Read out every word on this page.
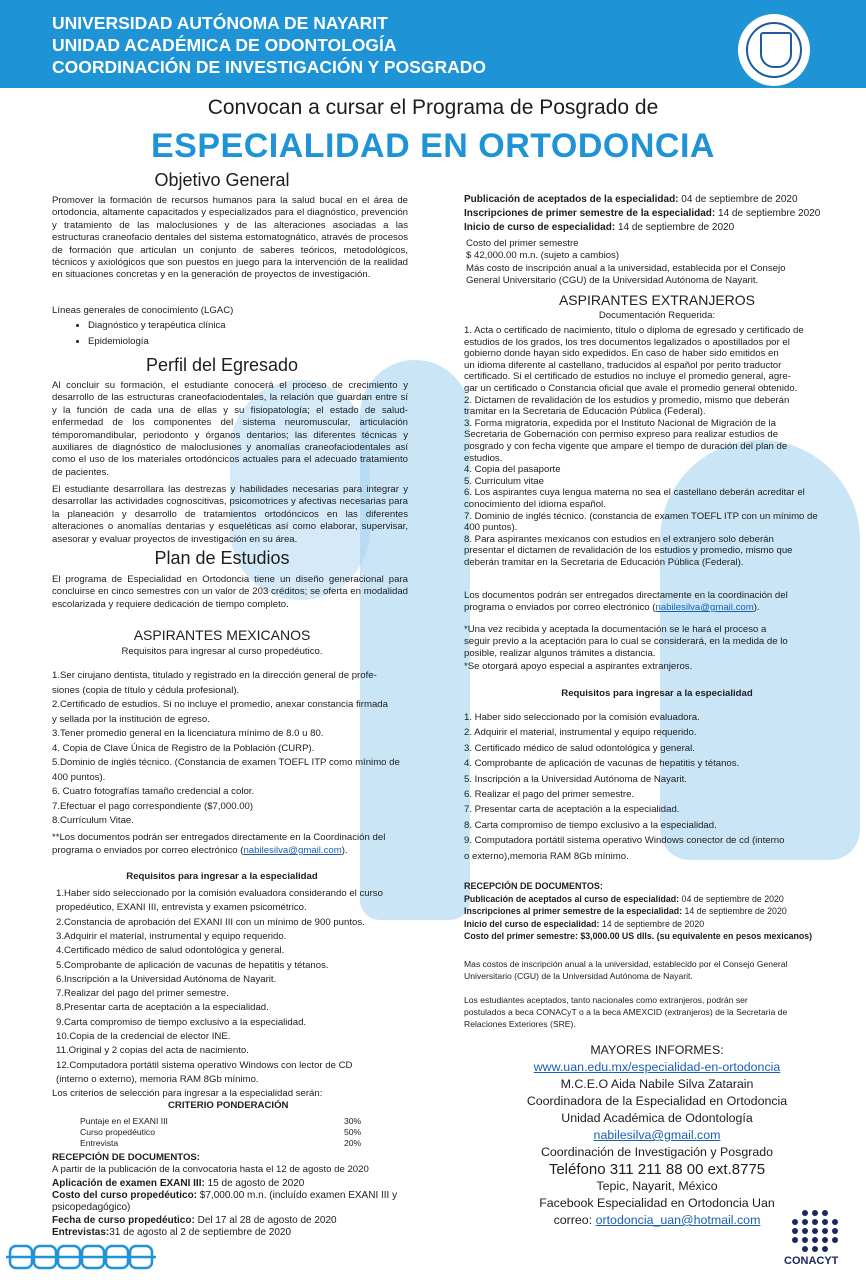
UNIVERSIDAD AUTÓNOMA DE NAYARIT
UNIDAD ACADÉMICA DE ODONTOLOGÍA
COORDINACIÓN DE INVESTIGACIÓN Y POSGRADO
Convocan a cursar el Programa de Posgrado de
ESPECIALIDAD EN ORTODONCIA
Objetivo General
Promover la formación de recursos humanos para la salud bucal en el área de ortodoncia, altamente capacitados y especializados para el diagnóstico, prevención y tratamiento de las maloclusiones y de las alteraciones asociadas a las estructuras craneofacio dentales del sistema estomatognático, através de procesos de formación que articulan un conjunto de saberes teóricos, metodológicos, técnicos y axiológicos que son puestos en juego para la intervención de la realidad en situaciones concretas y en la generación de proyectos de investigación.
Líneas generales de conocimiento (LGAC)
• Diagnóstico y terapéutica clínica
• Epidemiología
Perfil del Egresado
Al concluir su formación, el estudiante conocerá el proceso de crecimiento y desarrollo de las estructuras craneofaciodentales, la relación que guardan entre sí y la función de cada una de ellas y su fisiopatología; el estado de salud- enfermedad de los componentes del sistema neuromuscular, articulación témporomandibular, periodonto y órganos dentarios; las diferentes técnicas y auxiliares de diagnóstico de maloclusiones y anomalías craneofaciodentales así como el uso de los materiales ortodóncicos actuales para el adecuado tratamiento de pacientes.
El estudiante desarrollara las destrezas y habilidades necesarias para integrar y desarrollar las actividades cognoscitivas, psicomotrices y afectivas necesarias para la planeación y desarrollo de tratamientos ortodóncicos en las diferentes alteraciones o anomalías dentarias y esqueléticas así como elaborar, supervisar, asesorar y evaluar proyectos de investigación en su área.
Plan de Estudios
El programa de Especialidad en Ortodoncia tiene un diseño generacional para concluirse en cinco semestres con un valor de 203 créditos; se oferta en modalidad escolarizada y requiere dedicación de tiempo completo.
ASPIRANTES MEXICANOS
Requisitos para ingresar al curso propedéutico.
1.Ser cirujano dentista, titulado y registrado en la dirección general de profe-
siones (copia de título y cédula profesional).
2.Certificado de estudios. Si no incluye el promedio, anexar constancia firmada
y sellada por la institución de egreso.
3.Tener promedio general en la licenciatura mínimo de 8.0 u 80.
4. Copia de Clave Única de Registro de la Población (CURP).
5.Dominio de inglés técnico. (Constancia de examen TOEFL ITP como mínimo de
400 puntos).
6. Cuatro fotografías tamaño credencial a color.
7.Efectuar el pago correspondiente ($7,000.00)
8.Currículum Vitae.
**Los documentos podrán ser entregados directamente en la Coordinación del
programa o enviados por correo electrónico (nabilesilva@gmail.com).
Requisitos para ingresar a la especialidad
1.Haber sido seleccionado por la comisión evaluadora considerando el curso
propedéutico, EXANI III, entrevista y examen psicométrico.
2.Constancia de aprobación del EXANI III con un mínimo de 900 puntos.
3.Adquirir el material, instrumental y equipo requerido.
4.Certificado médico de salud odontológica y general.
5.Comprobante de aplicación de vacunas de hepatitis y tétanos.
6.Inscripción a la Universidad Autónoma de Nayarit.
7.Realizar del pago del primer semestre.
8.Presentar carta de aceptación a la especialidad.
9.Carta compromiso de tiempo exclusivo a la especialidad.
10.Copia de la credencial de elector INE.
11.Original y 2 copias del acta de nacimiento.
12.Computadora portátil sistema operativo Windows con lector de CD
(interno o externo), memoria RAM 8Gb mínimo.
Los criterios de selección para ingresar a la especialidad serán:
CRITERIO PONDERACIÓN
Puntaje en el EXANI III	30%
Curso propedéutico	50%
Entrevista	20%
RECEPCIÓN DE DOCUMENTOS:
A partir de la publicación de la convocatoria hasta el 12 de agosto de 2020
Aplicación de examen EXANI III: 15 de agosto de 2020
Costo del curso propedéutico: $7,000.00 m.n. (incluído examen EXANI III y
psicopedagógico)
Fecha de curso propedéutico: Del 17 al 28 de agosto de 2020
Entrevistas:31 de agosto al 2 de septiembre de 2020
Publicación de aceptados de la especialidad: 04 de septiembre de 2020
Inscripciones de primer semestre de la especialidad: 14 de septiembre 2020
Inicio de curso de especialidad: 14 de septiembre de 2020
Costo del primer semestre
$ 42,000.00 m.n. (sujeto a cambios)
Más costo de inscripción anual a la universidad, establecida por el Consejo
General Universitario (CGU) de la Universidad Autónoma de Nayarit.
ASPIRANTES EXTRANJEROS
Documentación Requerida:
1. Acta o certificado de nacimiento, título o diploma de egresado y certificado de
estudios de los grados, los tres documentos legalizados o apostillados por el
gobierno donde hayan sido expedidos. En caso de haber sido emitidos en
un idioma diferente al castellano, traducidos al español por perito traductor
certificado. Si el certificado de estudios no incluye el promedio general, agre-
gar un certificado o Constancia oficial que avale el promedio general obtenido.
2. Dictamen de revalidación de los estudios y promedio, mismo que deberán
tramitar en la Secretaria de Educación Pública (Federal).
3. Forma migratoria, expedida por el Instituto Nacional de Migración de la
Secretaria de Gobernación con permiso expreso para realizar estudios de
posgrado y con fecha vigente que ampare el tiempo de duración del plan de
estudios.
4. Copia del pasaporte
5. Curriculum vitae
6. Los aspirantes cuya lengua materna no sea el castellano deberán acreditar el
conocimiento del idioma español.
7. Dominio de inglés técnico. (constancia de examen TOEFL ITP con un mínimo de
400 puntos).
8. Para aspirantes mexicanos con estudios en el extranjero solo deberán
presentar el dictamen de revalidación de los estudios y promedio, mismo que
deberán tramitar en la Secretaria de Educación Pública (Federal).
Los documentos podrán ser entregados directamente en la coordinación del
programa o enviados por correo electrónico (nabilesilva@gmail.com).
*Una vez recibida y aceptada la documentación se le hará el proceso a
seguir previo a la aceptación para lo cual se considerará, en la medida de lo
posible, realizar algunos trámites a distancia.
*Se otorgará apoyo especial a aspirantes extranjeros.
Requisitos para ingresar a la especialidad
1. Haber sido seleccionado por la comisión evaluadora.
2. Adquirir el material, instrumental y equipo requerido.
3. Certificado médico de salud odontológica y general.
4. Comprobante de aplicación de vacunas de hepatitis y tétanos.
5. Inscripción a la Universidad Autónoma de Nayarit.
6. Realizar el pago del primer semestre.
7. Presentar carta de aceptación a la especialidad.
8. Carta compromiso de tiempo exclusivo a la especialidad.
9. Computadora portátil sistema operativo Windows conector de cd (interno
o externo),memoria RAM 8Gb mínimo.
RECEPCIÓN DE DOCUMENTOS:
Publicación de aceptados al curso de especialidad: 04 de septiembre de 2020
Inscripciones al primer semestre de la especialidad: 14 de septiembre de 2020
Inicio del curso de especialidad: 14 de septiembre de 2020
Costo del primer semestre: $3,000.00 US dlls. (su equivalente en pesos mexicanos)
Mas costos de inscripción anual a la universidad, establecido por el Consejo General
Universitario (CGU) de la Universidad Autónoma de Nayarit.
Los estudiantes aceptados, tanto nacionales como extranjeros, podrán ser
postulados a beca CONACyT o a la beca AMEXCID (extranjeros) de la Secretaria de
Relaciones Exteriores (SRE).
MAYORES INFORMES:
www.uan.edu.mx/especialidad-en-ortodoncia
M.C.E.O Aida Nabile Silva Zatarain
Coordinadora de la Especialidad en Ortodoncia
Unidad Académica de Odontología
nabilesilva@gmail.com
Coordinación de Investigación y Posgrado
Teléfono 311 211 88 00 ext.8775
Tepic, Nayarit, México
Facebook Especialidad en Ortodoncia Uan
correo: ortodoncia_uan@hotmail.com
CONACYT
